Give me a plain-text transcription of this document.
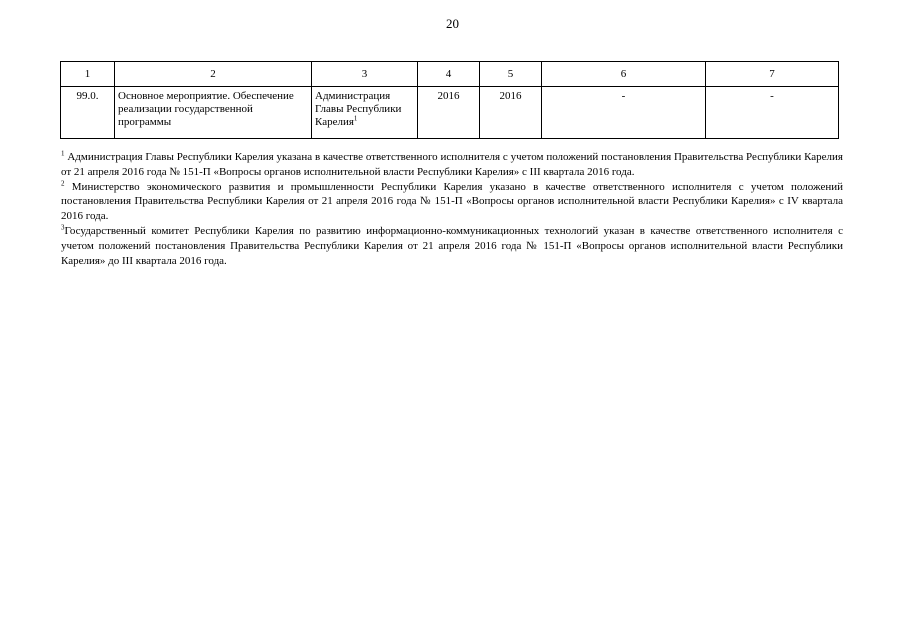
20
1	2	3	4	5	6	7
99.0.	Основное мероприятие. Обеспечение реализации государственной программы	Администрация Главы Республики Карелия$^1$	2016	2016	-	-

$^1$ Администрация Главы Республики Карелия указана в качестве ответственного исполнителя с учетом положений постановления Правительства Республики Карелия от 21 апреля 2016 года № 151-П «Вопросы органов исполнительной власти Республики Карелия» с III квартала 2016 года.

$^2$ Министерство экономического развития и промышленности Республики Карелия указано в качестве ответственного исполнителя с учетом положений постановления Правительства Республики Карелия от 21 апреля 2016 года № 151-П «Вопросы органов исполнительной власти Республики Карелия» с IV квартала 2016 года.

$^3$Государственный комитет Республики Карелия по развитию информационно-коммуникационных технологий указан в качестве ответственного исполнителя с учетом положений постановления Правительства Республики Карелия от 21 апреля 2016 года № 151-П «Вопросы органов исполнительной власти Республики Карелия» до III квартала 2016 года.
